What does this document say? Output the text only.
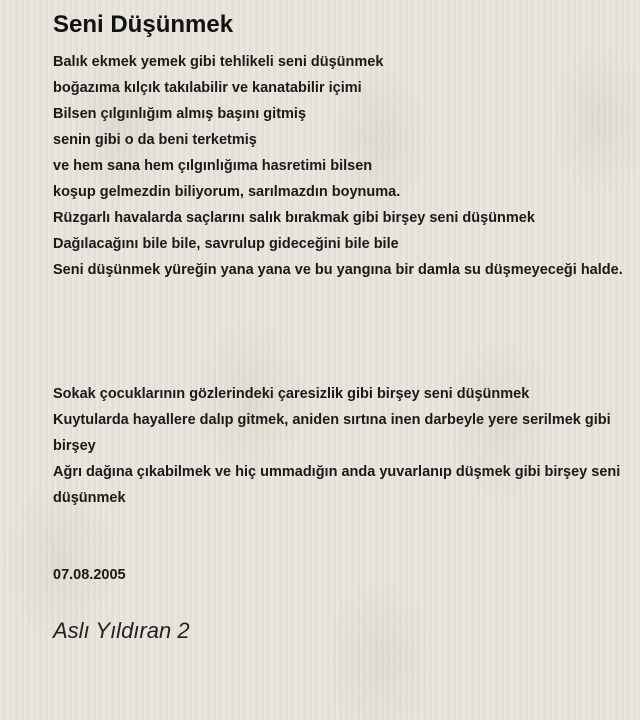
Seni Düşünmek
Balık ekmek yemek gibi tehlikeli seni düşünmek
boğazıma kılçık takılabilir ve kanatabilir içimi
Bilsen çılgınlığım almış başını gitmiş
senin gibi o da beni terketmiş
ve hem sana hem çılgınlığıma hasretimi bilsen
koşup gelmezdin biliyorum, sarılmazdın boynuma.
Rüzgarlı havalarda saçlarını salık bırakmak gibi birşey seni düşünmek
Dağılacağını bile bile, savrulup gideceğini bile bile
Seni düşünmek yüreğin yana yana ve bu yangına bir damla su düşmeyeceği halde.
Sokak çocuklarının gözlerindeki çaresizlik gibi birşey seni düşünmek
Kuytularda hayallere dalıp gitmek, aniden sırtına inen darbeyle yere serilmek gibi birşey
Ağrı dağına çıkabilmek ve hiç ummadığın anda yuvarlanıp düşmek gibi birşey seni düşünmek
07.08.2005
Aslı Yıldıran 2
